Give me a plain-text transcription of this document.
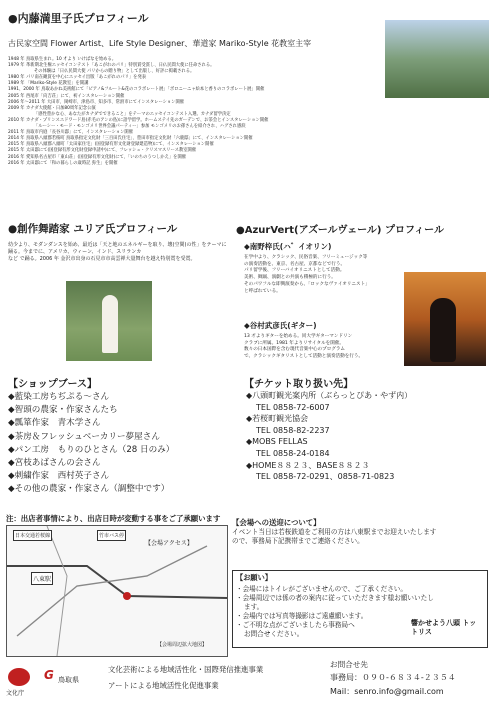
●内藤満里子氏プロフィール
古民家空間 Flower Artist、Life Style Designer、華道家 Mariko-Style 花教室主宰
1948 年 鳥取県生まれ。10 才より いけばなを始める。
1979 年 革新期北生権エッセイコンテスト「あこがれのパリ」特別賞受賞し、日仏民間大使に任命される。
その体験は「日仏民間大使 パリからの贈り物」として出版し、好評に掲載される。
1980 年 パリ南在観賞を中心にエッセイ出版「あこがれのパリ」を発表
1989 年 「Mariko-Style 花教室」を開講
1991、2000 年 鳥取あかね美術館にて「ピアノ&フルート&花のコラボレート展」「ボロニーニャ絵本と香りのコラボレート展」開催
2005 年 西尾市「向吉荘」にて、初インスタレーション開催
2006 年〜2011 年 大田市、岡崎市、津島市、知多市、常滑市にてインスタレーション開催
2009 年 カナダ大使館・日加80周年記念公演
「感性豊かな心、あなたがカナダでできること」をテーマのエッセイコンテスト入選。カナダ留学決定
2010 年 カナダ・プリンスエドワード島(赤毛のアンの島)に語学留学。ホームステイ先のガーデンで、お茶会とインスタレーション開催
「ルーシー・モード・モンゴメリ世界会議パーティー」参加 モンゴメリのお孫さんを紹介され、ハグされ感涙
2011 年 鳥取市内庭「長谷川邸」にて、インスタレーション開催
2014 年 鳥取県八頭郡若桜町 鳥取県指定文化財「三百田氏住宅」、豊田市指定文化財「六鹿邸」にて、インスタレーション開催
2015 年 鳥取県八頭郡八頭町「太田家住宅」(国登録有形文化財登録建造物)にて、インスタレーション開催
2015 年 太田邸にて(国登録有形文化財登録申請中)にて、フレッシュ・クリスマスリース教室開催
2016 年 愛知県名古屋市「東山荘」(国登録有形文化財)にて、「いのちのうつしかえ」を開催
2016 年 太田邸にて「和の暮らしの歳時記 弥生」を開催
●創作舞踏家 ユリア氏プロフィール
幼少より、モダンダンスを始め、最近は「天と地のエネルギーを取り、壊(空間)の性」をテーマに踊る。今までに、アメリカ、ウィーン、インド、スリランカ
など で踊る。2006 年 金沢市出身の石見市市高雲禅大量舞台を越え特別賞を受賞。
●AzurVert(アズールヴェール) プロフィール
◆南野梓氏(ハ゛イオリン)
在学中より、クラシック、民俗音楽、フリーミュージック等
の演奏活動を、東京、名古屋、京都などで行う。
パリ留学後、フリーバイオリニストとして活動。
美術、舞踊、演劇との共演も積極的に行う。
そのパワフルな即興演奏から、「ロックなヴァイオリニスト」
と呼ばれている。
◆谷村武彦氏(ギター)
13 才よりギターを始める。同大学ギターマンドリン
クラブに所属。1981 年よりリサイタルを開催。
数々の日本国際を含む現代音楽中心のプログラム
で、クラシックギタリストとして活動と演奏活動を行う。
【ショップブース】
◆藍染工房ちぢぷる～さん
◆智頭の農家・作家さんたち
◆瓢箪作家　青木学さん
◆茶房＆フレッシュベーカリー夢屋さん
◆パン工房　もりのひとさん（28 日のみ）
◆宮枝あばさんの会さん
◆刺繍作家　西村英子さん
◆その他の農家・作家さん（調整中です）
【チケット取り扱い先】
◆八頭町観光案内所（ぶらっとぴあ・やず内）
TEL 0858-72-6007
◆若桜町観光協会
TEL 0858-82-2237
◆MOBS FELLAS
TEL 0858-24-0184
◆HOME８８２３、BASE８８２３
TEL 0858-72-0291、0858-71-0823
注：出店者事情により、出店日時が変動する事をご了承願います
日本交通若桜線	竹市バス停
八東駅
【会場アクセス】
【会場周辺拡大地図】
【会場への送迎について】
イベント当日は若桜鉄道をご利用の方は八東駅までお迎えいたします
ので、事務局下記携帯までご連絡ください。
【お願い】
・会場にはトイレがございませんので、ご了承ください。
・会場周辺では係の者の案内に従っていただきます様お願いいたし
ます。
・会場内では写真等撮影はご遠慮願います。
・ご不明な点がございましたら事務局へ
お問合せください。
響かせよう八頭 トットリス
文化庁
G 鳥取県
文化芸術による地域活性化・国際発信推進事業
アートによる地域活性化促進事業
お問合せ先
事務局：０９０-６８３４-２３５４
Mail：senro.info@gmail.com
